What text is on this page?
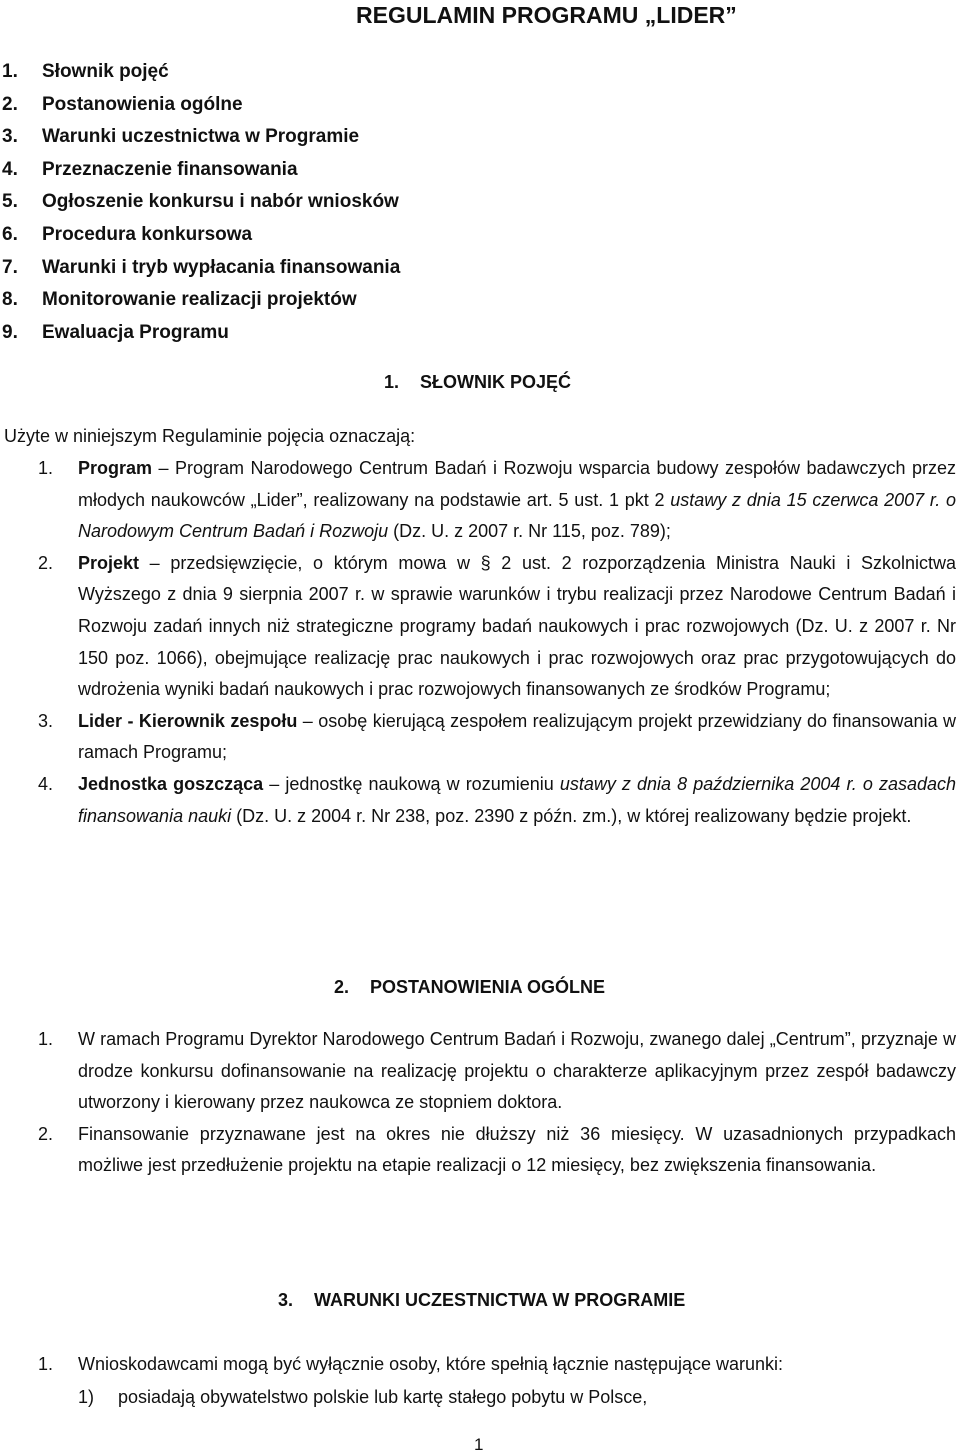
REGULAMIN PROGRAMU „LIDER”
1. Słownik pojęć
2. Postanowienia ogólne
3. Warunki uczestnictwa w Programie
4. Przeznaczenie finansowania
5. Ogłoszenie konkursu i nabór wniosków
6. Procedura konkursowa
7. Warunki i tryb wypłacania finansowania
8. Monitorowanie realizacji projektów
9. Ewaluacja Programu
1. SŁOWNIK POJĘĆ
Użyte w niniejszym Regulaminie pojęcia oznaczają:
1. Program – Program Narodowego Centrum Badań i Rozwoju wsparcia budowy zespołów badawczych przez młodych naukowców „Lider”, realizowany na podstawie art. 5 ust. 1 pkt 2 ustawy z dnia 15 czerwca 2007 r. o Narodowym Centrum Badań i Rozwoju (Dz. U. z 2007 r. Nr 115, poz. 789);
2. Projekt – przedsięwzięcie, o którym mowa w § 2 ust. 2 rozporządzenia Ministra Nauki i Szkolnictwa Wyższego z dnia 9 sierpnia 2007 r. w sprawie warunków i trybu realizacji przez Narodowe Centrum Badań i Rozwoju zadań innych niż strategiczne programy badań naukowych i prac rozwojowych (Dz. U. z 2007 r. Nr 150 poz. 1066), obejmujące realizację prac naukowych i prac rozwojowych oraz prac przygotowujących do wdrożenia wyniki badań naukowych i prac rozwojowych finansowanych ze środków Programu;
3. Lider - Kierownik zespołu – osobę kierującą zespołem realizującym projekt przewidziany do finansowania w ramach Programu;
4. Jednostka goszcząca – jednostkę naukową w rozumieniu ustawy z dnia 8 października 2004 r. o zasadach finansowania nauki (Dz. U. z 2004 r. Nr 238, poz. 2390 z późn. zm.), w której realizowany będzie projekt.
2. POSTANOWIENIA OGÓLNE
1. W ramach Programu Dyrektor Narodowego Centrum Badań i Rozwoju, zwanego dalej „Centrum”, przyznaje w drodze konkursu dofinansowanie na realizację projektu o charakterze aplikacyjnym przez zespół badawczy utworzony i kierowany przez naukowca ze stopniem doktora.
2. Finansowanie przyznawane jest na okres nie dłuższy niż 36 miesięcy. W uzasadnionych przypadkach możliwe jest przedłużenie projektu na etapie realizacji o 12 miesięcy, bez zwiększenia finansowania.
3. WARUNKI UCZESTNICTWA W PROGRAMIE
1. Wnioskodawcami mogą być wyłącznie osoby, które spełnią łącznie następujące warunki:
1) posiadają obywatelstwo polskie lub kartę stałego pobytu w Polsce,
1
